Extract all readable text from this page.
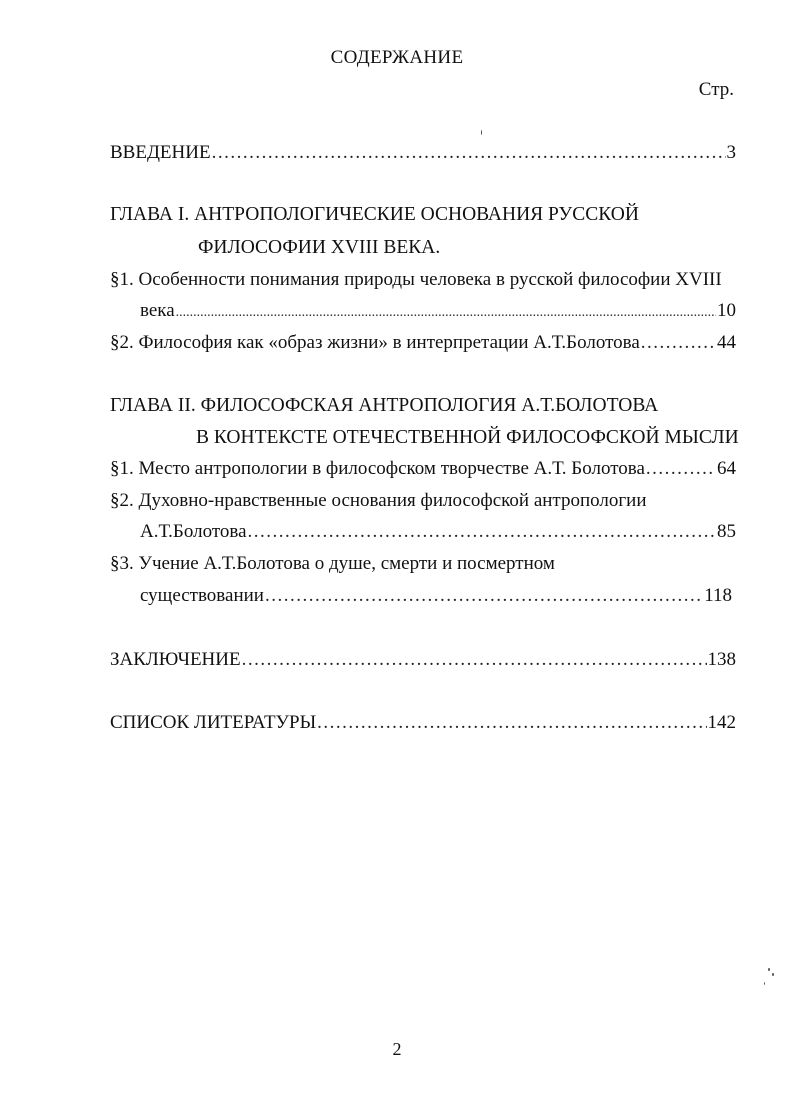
СОДЕРЖАНИЕ
Стр.
ВВЕДЕНИЕ .....	3
ГЛАВА I. АНТРОПОЛОГИЧЕСКИЕ ОСНОВАНИЯ РУССКОЙ
ФИЛОСОФИИ XVIII ВЕКА.
§1. Особенности понимания природы человека в русской философии XVIII
века .....	10
§2. Философия как «образ жизни» в интерпретации А.Т.Болотова .....	44
ГЛАВА II. ФИЛОСОФСКАЯ АНТРОПОЛОГИЯ А.Т.БОЛОТОВА
В КОНТЕКСТЕ ОТЕЧЕСТВЕННОЙ ФИЛОСОФСКОЙ МЫСЛИ
§1. Место антропологии в философском творчестве А.Т. Болотова .....	64
§2. Духовно-нравственные основания философской антропологии
А.Т.Болотова .....	85
§3. Учение А.Т.Болотова о душе, смерти и посмертном
существовании .....	118
ЗАКЛЮЧЕНИЕ .....	138
СПИСОК ЛИТЕРАТУРЫ .....	142
2
